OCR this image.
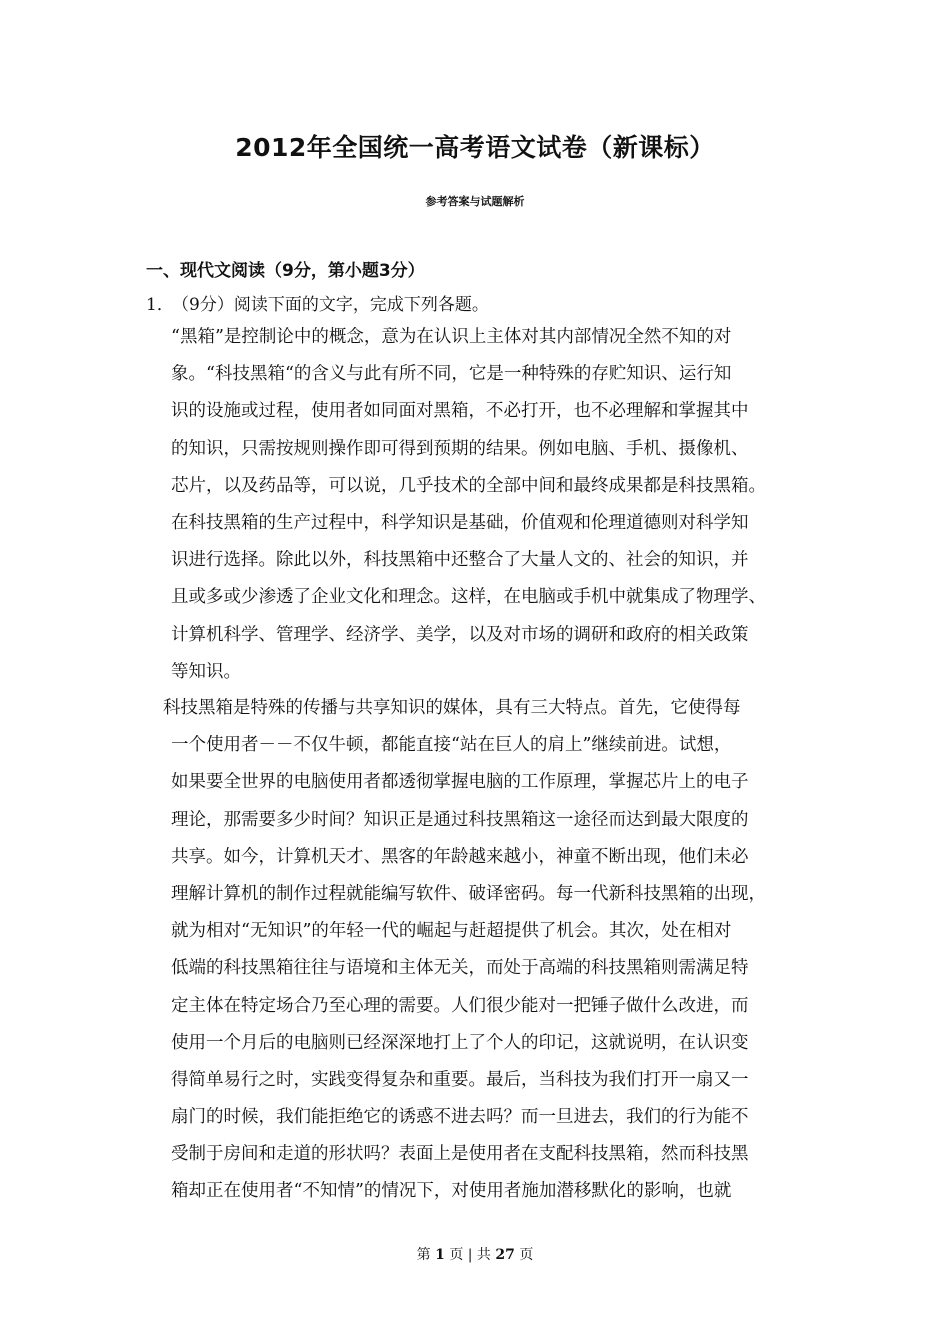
2012年全国统一高考语文试卷（新课标）
参考答案与试题解析
一、现代文阅读（9分，第小题3分）
1．（9分）阅读下面的文字，完成下列各题。
“黑箱”是控制论中的概念，意为在认识上主体对其内部情况全然不知的对
象。“科技黑箱“的含义与此有所不同，它是一种特殊的存贮知识、运行知
识的设施或过程，使用者如同面对黑箱，不必打开，也不必理解和掌握其中
的知识，只需按规则操作即可得到预期的结果。例如电脑、手机、摄像机、
芯片，以及药品等，可以说，几乎技术的全部中间和最终成果都是科技黑箱。
在科技黑箱的生产过程中，科学知识是基础，价值观和伦理道德则对科学知
识进行选择。除此以外，科技黑箱中还整合了大量人文的、社会的知识，并
且或多或少渗透了企业文化和理念。这样，在电脑或手机中就集成了物理学、
计算机科学、管理学、经济学、美学，以及对市场的调研和政府的相关政策
等知识。
科技黑箱是特殊的传播与共享知识的媒体，具有三大特点。首先，它使得每
一个使用者－－不仅牛顿，都能直接“站在巨人的肩上”继续前进。试想，
如果要全世界的电脑使用者都透彻掌握电脑的工作原理，掌握芯片上的电子
理论，那需要多少时间？知识正是通过科技黑箱这一途径而达到最大限度的
共享。如今，计算机天才、黑客的年龄越来越小，神童不断出现，他们未必
理解计算机的制作过程就能编写软件、破译密码。每一代新科技黑箱的出现，
就为相对“无知识”的年轻一代的崛起与赶超提供了机会。其次，处在相对
低端的科技黑箱往往与语境和主体无关，而处于高端的科技黑箱则需满足特
定主体在特定场合乃至心理的需要。人们很少能对一把锤子做什么改进，而
使用一个月后的电脑则已经深深地打上了个人的印记，这就说明，在认识变
得简单易行之时，实践变得复杂和重要。最后，当科技为我们打开一扇又一
扇门的时候，我们能拒绝它的诱惑不进去吗？而一旦进去，我们的行为能不
受制于房间和走道的形状吗？表面上是使用者在支配科技黑箱，然而科技黑
箱却正在使用者“不知情”的情况下，对使用者施加潜移默化的影响，也就
第 1 页 | 共 27 页
